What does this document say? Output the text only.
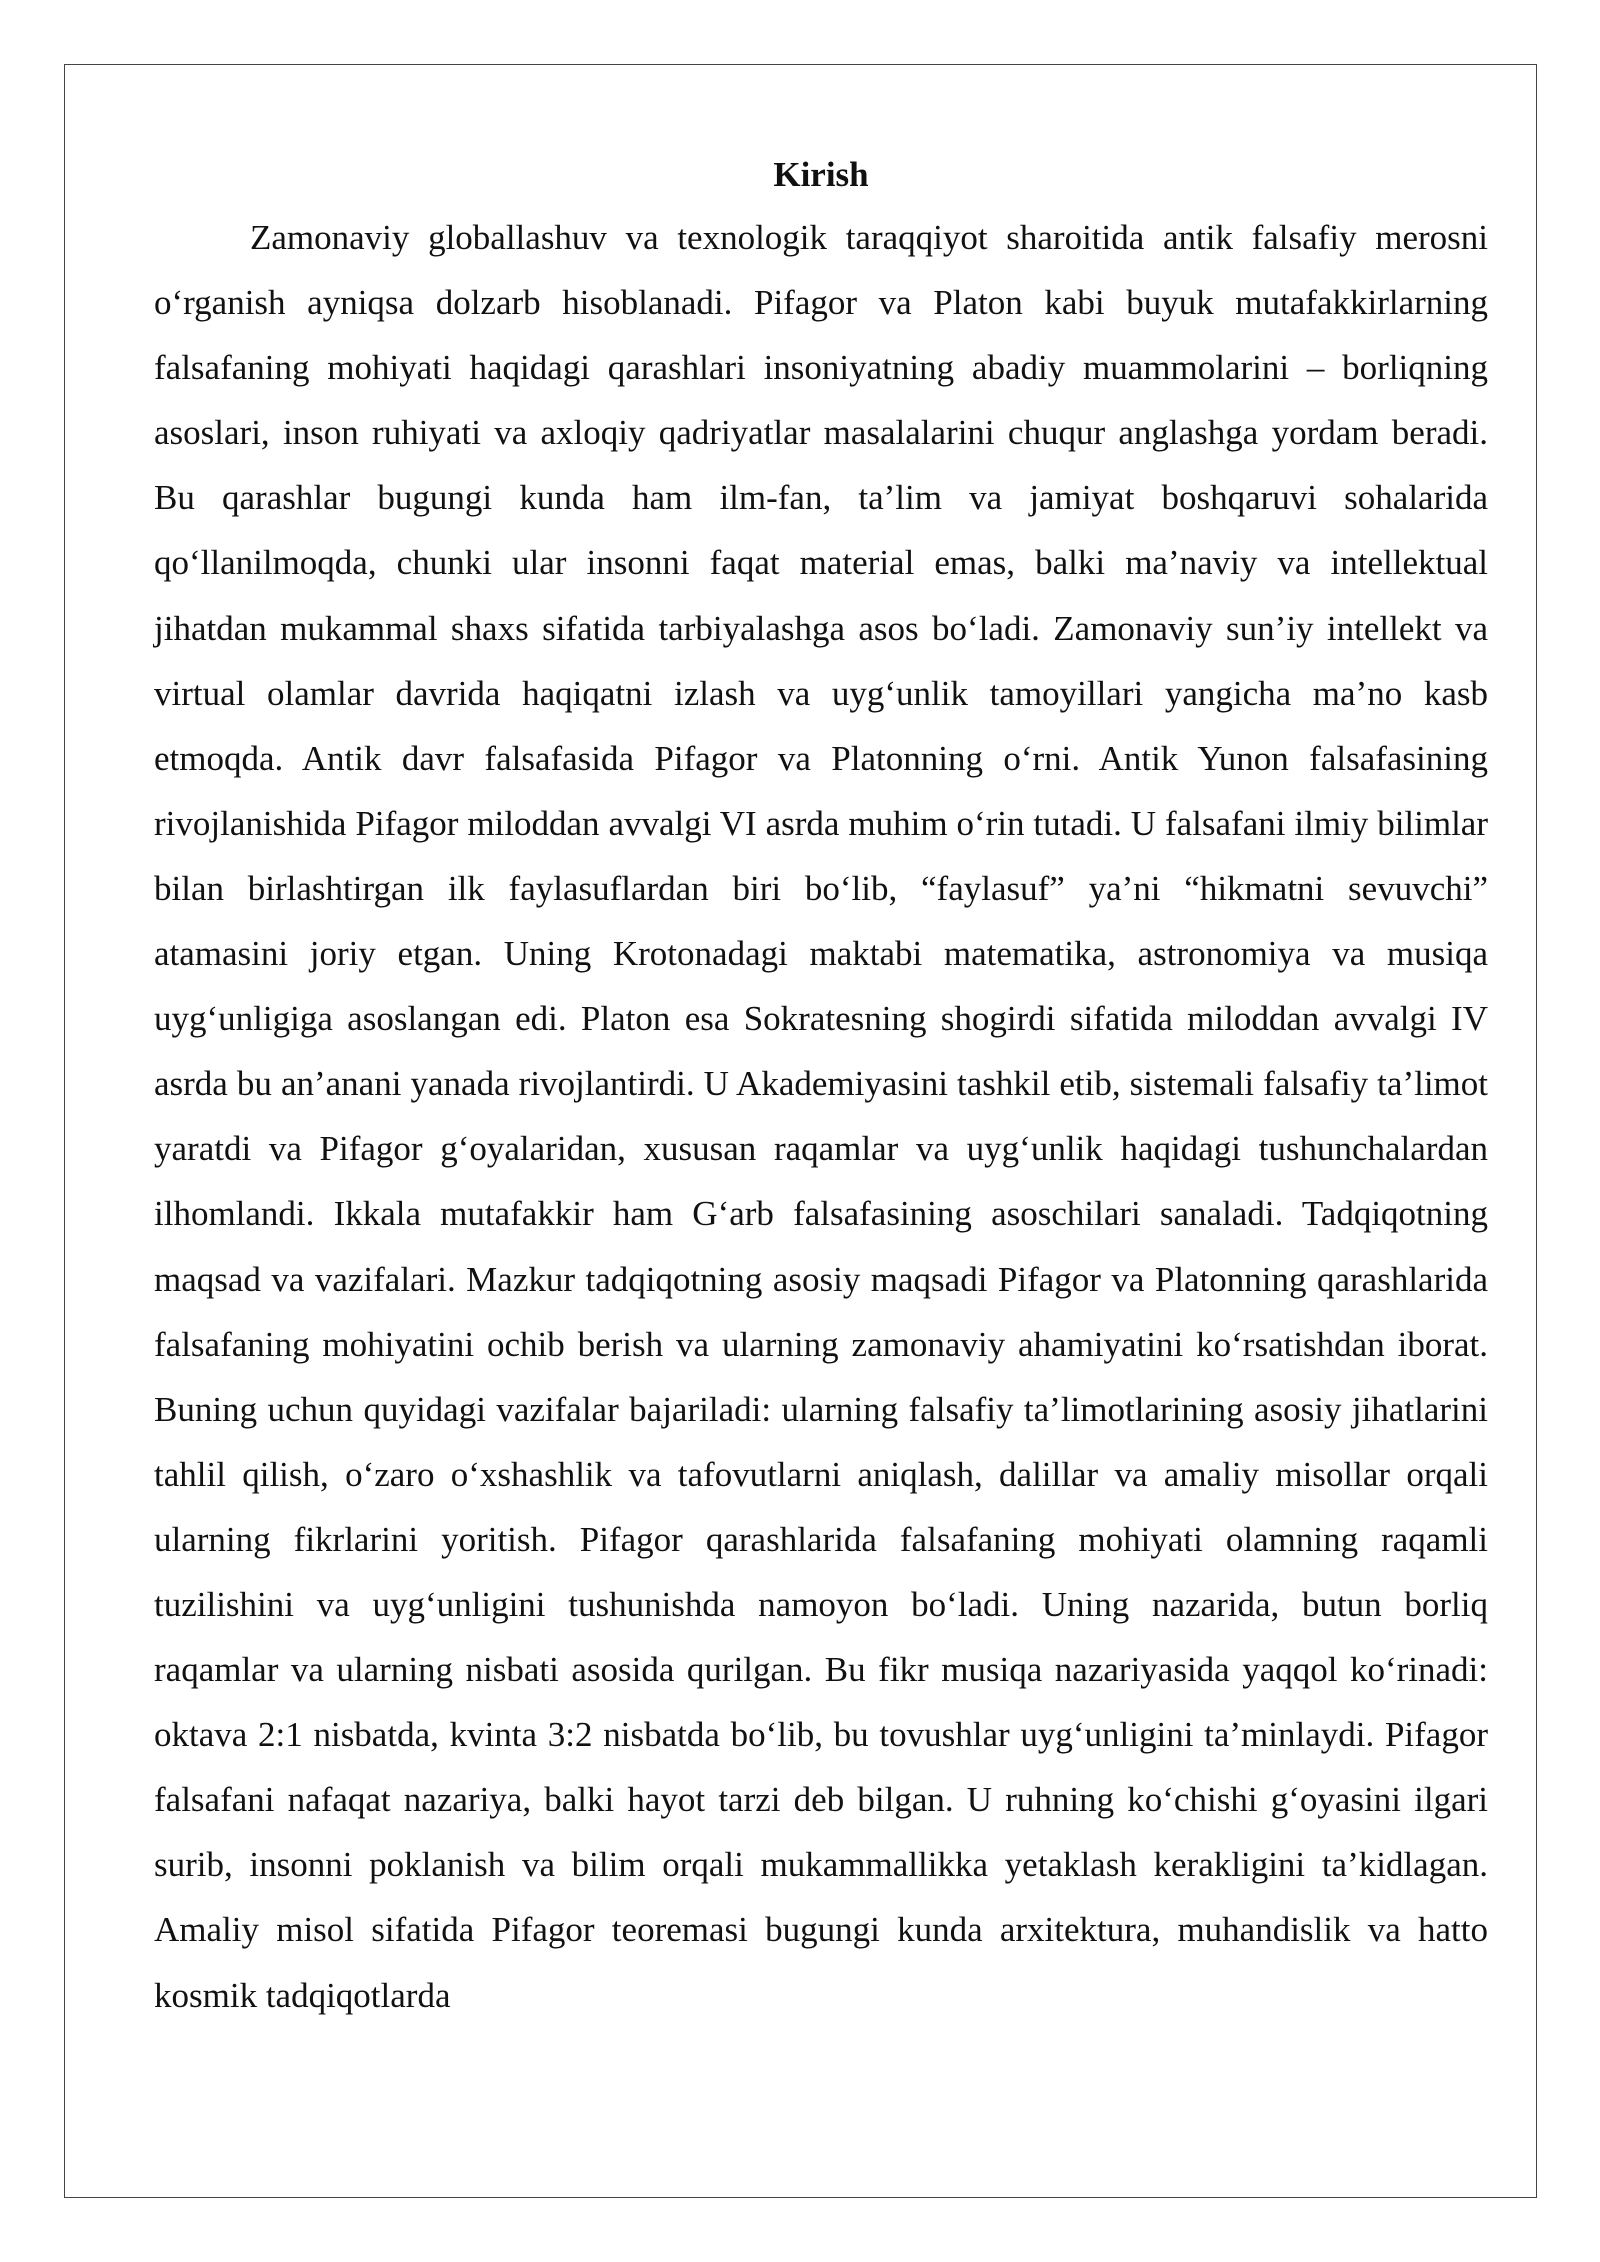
Kirish

Zamonaviy globallashuv va texnologik taraqqiyot sharoitida antik falsafiy merosni o‘rganish ayniqsa dolzarb hisoblanadi. Pifagor va Platon kabi buyuk mutafakkirlarning falsafaning mohiyati haqidagi qarashlari insoniyatning abadiy muammolarini – borliqning asoslari, inson ruhiyati va axloqiy qadriyatlar masalalarini chuqur anglashga yordam beradi. Bu qarashlar bugungi kunda ham ilm-fan, ta’lim va jamiyat boshqaruvi sohalarida qo‘llanilmoqda, chunki ular insonni faqat material emas, balki ma’naviy va intellektual jihatdan mukammal shaxs sifatida tarbiyalashga asos bo‘ladi. Zamonaviy sun’iy intellekt va virtual olamlar davrida haqiqatni izlash va uyg‘unlik tamoyillari yangicha ma’no kasb etmoqda. Antik davr falsafasida Pifagor va Platonning o‘rni. Antik Yunon falsafasining rivojlanishida Pifagor miloddan avvalgi VI asrda muhim o‘rin tutadi. U falsafani ilmiy bilimlar bilan birlashtirgan ilk faylasuflardan biri bo‘lib, “faylasuf” ya’ni “hikmatni sevuvchi” atamasini joriy etgan. Uning Krotonadagi maktabi matematika, astronomiya va musiqa uyg‘unligiga asoslangan edi. Platon esa Sokratesning shogirdi sifatida miloddan avvalgi IV asrda bu an’anani yanada rivojlantirdi. U Akademiyasini tashkil etib, sistemali falsafiy ta’limot yaratdi va Pifagor g‘oyalaridan, xususan raqamlar va uyg‘unlik haqidagi tushunchalardan ilhomlandi. Ikkala mutafakkir ham G‘arb falsafasining asoschilari sanaladi. Tadqiqotning maqsad va vazifalari. Mazkur tadqiqotning asosiy maqsadi Pifagor va Platonning qarashlarida falsafaning mohiyatini ochib berish va ularning zamonaviy ahamiyatini ko‘rsatishdan iborat. Buning uchun quyidagi vazifalar bajariladi: ularning falsafiy ta’limotlarining asosiy jihatlarini tahlil qilish, o‘zaro o‘xshashlik va tafovutlarni aniqlash, dalillar va amaliy misollar orqali ularning fikrlarini yoritish. Pifagor qarashlarida falsafaning mohiyati olamning raqamli tuzilishini va uyg‘unligini tushunishda namoyon bo‘ladi. Uning nazarida, butun borliq raqamlar va ularning nisbati asosida qurilgan. Bu fikr musiqa nazariyasida yaqqol ko‘rinadi: oktava 2:1 nisbatda, kvinta 3:2 nisbatda bo‘lib, bu tovushlar uyg‘unligini ta’minlaydi. Pifagor falsafani nafaqat nazariya, balki hayot tarzi deb bilgan. U ruhning ko‘chishi g‘oyasini ilgari surib, insonni poklanish va bilim orqali mukammallikka yetaklash kerakligini ta’kidlagan. Amaliy misol sifatida Pifagor teoremasi bugungi kunda arxitektura, muhandislik va hatto kosmik tadqiqotlarda
